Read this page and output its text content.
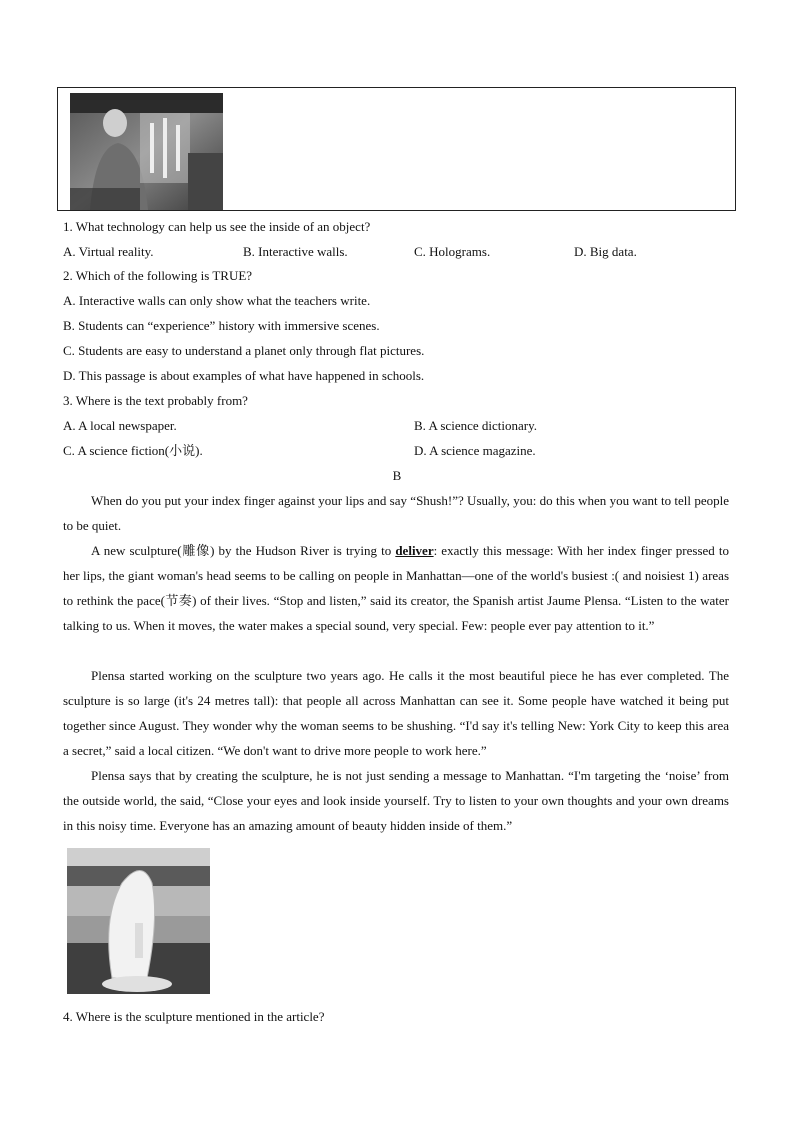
1. What technology can help us see the inside of an object?
A. Virtual reality.	B. Interactive walls.	C. Holograms.	D. Big data.
2. Which of the following is TRUE?
A. Interactive walls can only show what the teachers write.
B. Students can “experience” history with immersive scenes.
C. Students are easy to understand a planet only through flat pictures.
D. This passage is about examples of what have happened in schools.
3. Where is the text probably from?
A. A local newspaper.	B. A science dictionary.
C. A science fiction(小说).	D. A science magazine.
B
When do you put your index finger against your lips and say “Shush!”? Usually, you: do this when you want to tell people to be quiet.
A new sculpture(雕像) by the Hudson River is trying to deliver: exactly this message: With her index finger pressed to her lips, the giant woman's head seems to be calling on people in Manhattan—one of the world's busiest :( and noisiest 1) areas to rethink the pace(节奏) of their lives. “Stop and listen,” said its creator, the Spanish artist Jaume Plensa. “Listen to the water talking to us. When it moves, the water makes a special sound, very special. Few: people ever pay attention to it.”
Plensa started working on the sculpture two years ago. He calls it the most beautiful piece he has ever completed. The sculpture is so large (it's 24 metres tall): that people all across Manhattan can see it. Some people have watched it being put together since August. They wonder why the woman seems to be shushing. “I'd say it's telling New: York City to keep this area a secret,” said a local citizen. “We don't want to drive more people to work here.”
Plensa says that by creating the sculpture, he is not just sending a message to Manhattan. “I'm targeting the ‘noise’ from the outside world, the said, “Close your eyes and look inside yourself. Try to listen to your own thoughts and your own dreams in this noisy time. Everyone has an amazing amount of beauty hidden inside of them.”
4. Where is the sculpture mentioned in the article?
